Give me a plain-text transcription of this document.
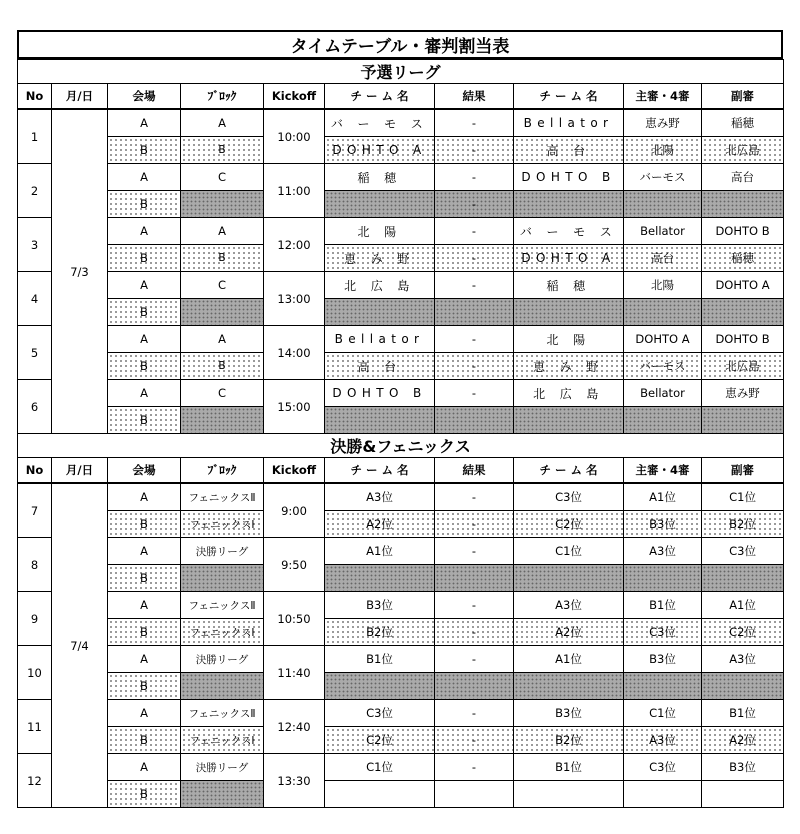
タイムテーブル・審判割当表
予選リーグ									
No	月/日	会場	ﾌﾞﾛｯｸ	Kickoff	チ ー ム 名	結果	チ ー ム 名	主審・4審	副審
1	7/3	A	A	10:00	バ ー モ ス	-	Bellator	恵み野	稲穂
		B	B		DOHTO A	-	高 台	北陽	北広島
2		A	C	11:00	稲 穂	-	DOHTO B	バーモス	高台
		B				-			
3		A	A	12:00	北 陽	-	バ ー モ ス	Bellator	DOHTO B
		B	B		恵 み 野	-	DOHTO A	高台	稲穂
4		A	C	13:00	北 広 島	-	稲 穂	北陽	DOHTO A
		B							
5		A	A	14:00	Bellator	-	北 陽	DOHTO A	DOHTO B
		B	B		高 台	-	恵 み 野	バーモス	北広島
6		A	C	15:00	DOHTO B	-	北 広 島	Bellator	恵み野
		B							
決勝&フェニックス									
No	月/日	会場	ﾌﾞﾛｯｸ	Kickoff	チ ー ム 名	結果	チ ー ム 名	主審・4審	副審
7	7/4	A	フェニックスⅡ	9:00	A3位	-	C3位	A1位	C1位
		B	フェニックスⅠ		A2位	-	C2位	B3位	B2位
8		A	決勝リーグ	9:50	A1位	-	C1位	A3位	C3位
		B							
9		A	フェニックスⅡ	10:50	B3位	-	A3位	B1位	A1位
		B	フェニックスⅠ		B2位	-	A2位	C3位	C2位
10		A	決勝リーグ	11:40	B1位	-	A1位	B3位	A3位
		B							
11		A	フェニックスⅡ	12:40	C3位	-	B3位	C1位	B1位
		B	フェニックスⅠ		C2位	-	B2位	A3位	A2位
12		A	決勝リーグ	13:30	C1位	-	B1位	C3位	B3位
		B							
